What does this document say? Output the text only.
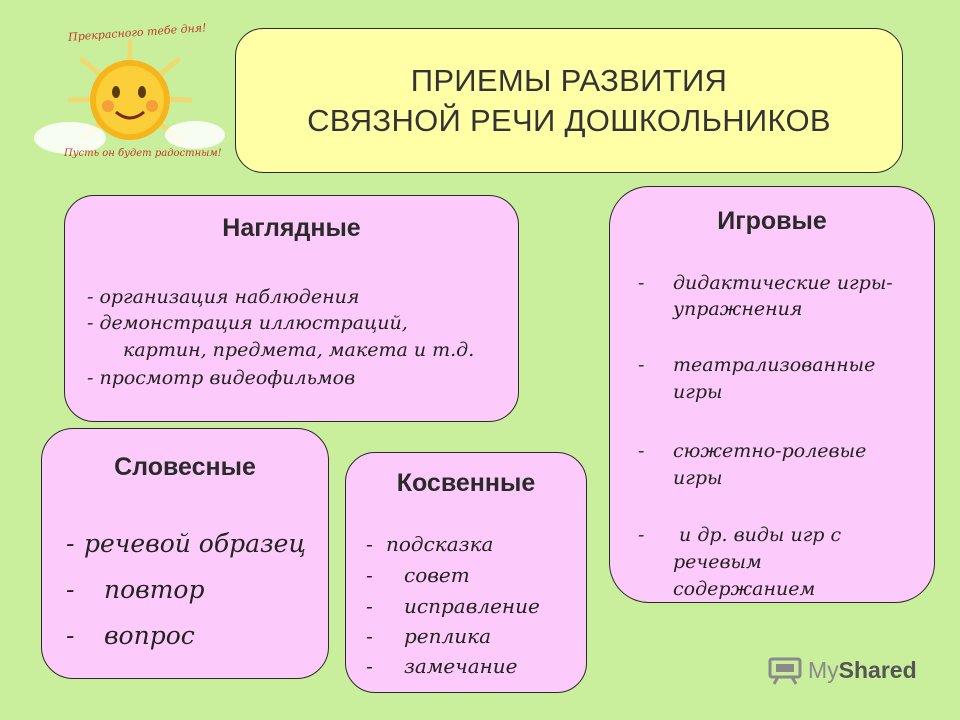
Прекрасного тебе дня!
Пусть он будет радостным!
ПРИЕМЫ РАЗВИТИЯ
СВЯЗНОЙ РЕЧИ ДОШКОЛЬНИКОВ
Наглядные
- организация наблюдения
- демонстрация иллюстраций,
картин, предмета, макета и т.д.
- просмотр видеофильмов
Игровые
- дидактические игры-
упражнения
- театрализованные
игры
- сюжетно-ролевые
игры
- и др. виды игр с
речевым
содержанием
Словесные
- речевой образец
- повтор
- вопрос
Косвенные
- подсказка
- совет
- исправление
- реплика
- замечание	MyShared
